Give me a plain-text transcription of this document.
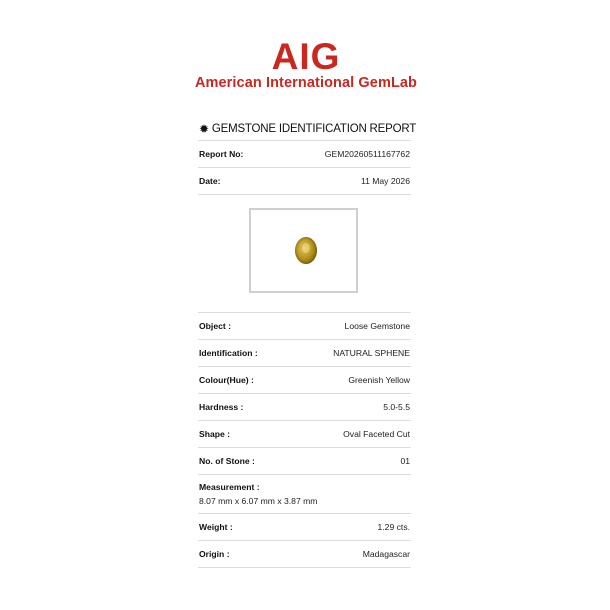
AIG
American International GemLab
✹ GEMSTONE IDENTIFICATION REPORT
Report No:	GEM20260511167762
Date:	11 May 2026
Object :	Loose Gemstone
Identification :	NATURAL SPHENE
Colour(Hue) :	Greenish Yellow
Hardness :	5.0-5.5
Shape :	Oval Faceted Cut
No. of Stone :	01
Measurement :
8.07 mm x 6.07 mm x 3.87 mm
Weight :	1.29 cts.
Origin :	Madagascar
